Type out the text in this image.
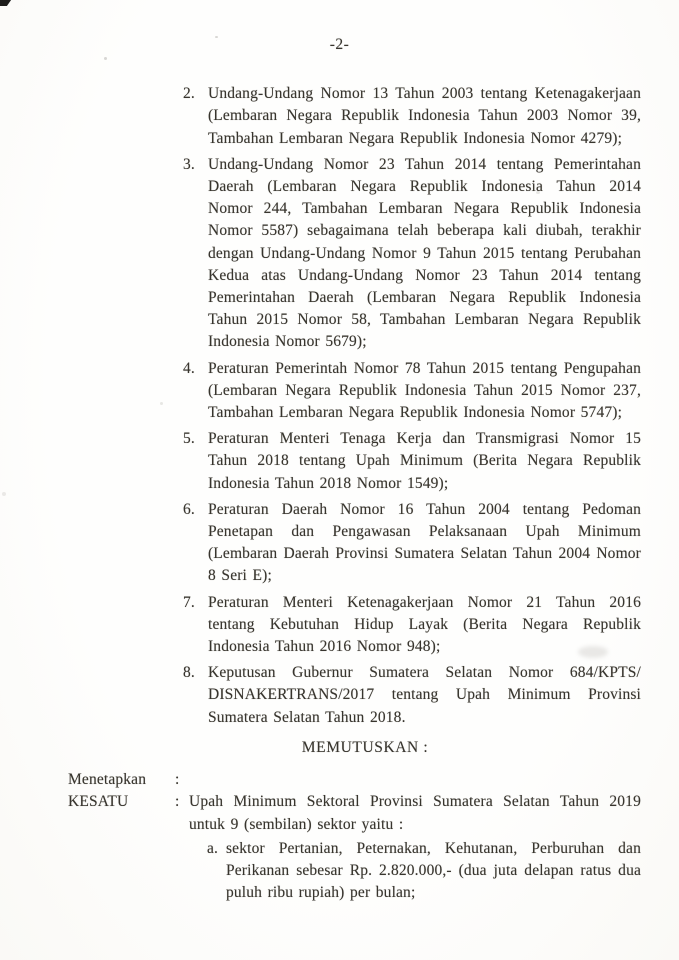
-2-
2. Undang-Undang Nomor 13 Tahun 2003 tentang Ketenagakerjaan (Lembaran Negara Republik Indonesia Tahun 2003 Nomor 39, Tambahan Lembaran Negara Republik Indonesia Nomor 4279);
3. Undang-Undang Nomor 23 Tahun 2014 tentang Pemerintahan Daerah (Lembaran Negara Republik Indonesia Tahun 2014 Nomor 244, Tambahan Lembaran Negara Republik Indonesia Nomor 5587) sebagaimana telah beberapa kali diubah, terakhir dengan Undang-Undang Nomor 9 Tahun 2015 tentang Perubahan Kedua atas Undang-Undang Nomor 23 Tahun 2014 tentang Pemerintahan Daerah (Lembaran Negara Republik Indonesia Tahun 2015 Nomor 58, Tambahan Lembaran Negara Republik Indonesia Nomor 5679);
4. Peraturan Pemerintah Nomor 78 Tahun 2015 tentang Pengupahan (Lembaran Negara Republik Indonesia Tahun 2015 Nomor 237, Tambahan Lembaran Negara Republik Indonesia Nomor 5747);
5. Peraturan Menteri Tenaga Kerja dan Transmigrasi Nomor 15 Tahun 2018 tentang Upah Minimum (Berita Negara Republik Indonesia Tahun 2018 Nomor 1549);
6. Peraturan Daerah Nomor 16 Tahun 2004 tentang Pedoman Penetapan dan Pengawasan Pelaksanaan Upah Minimum (Lembaran Daerah Provinsi Sumatera Selatan Tahun 2004 Nomor 8 Seri E);
7. Peraturan Menteri Ketenagakerjaan Nomor 21 Tahun 2016 tentang Kebutuhan Hidup Layak (Berita Negara Republik Indonesia Tahun 2016 Nomor 948);
8. Keputusan Gubernur Sumatera Selatan Nomor 684/KPTS/ DISNAKERTRANS/2017 tentang Upah Minimum Provinsi Sumatera Selatan Tahun 2018.
MEMUTUSKAN :
Menetapkan	:
KESATU	: Upah Minimum Sektoral Provinsi Sumatera Selatan Tahun 2019 untuk 9 (sembilan) sektor yaitu :
a. sektor Pertanian, Peternakan, Kehutanan, Perburuhan dan Perikanan sebesar Rp. 2.820.000,- (dua juta delapan ratus dua puluh ribu rupiah) per bulan;
